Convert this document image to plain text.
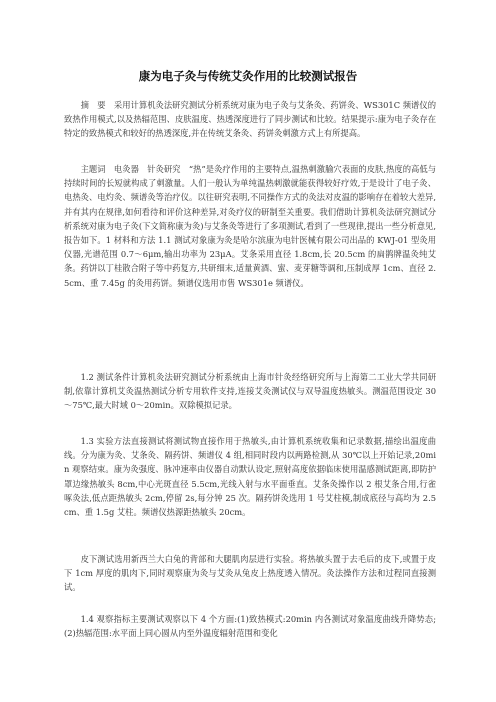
康为电子灸与传统艾灸作用的比较测试报告

摘　要　采用计算机灸法研究测试分析系统对康为电子灸与艾条灸、药饼灸、WS301C 频谱仪的致热作用模式,以及热辐范围、皮肤温度、热透深度进行了同步测试和比较。结果提示:康为电子灸存在特定的致热模式和较好的热透深度,并在传统艾条灸、药饼灸刺激方式上有所提高。

主题词　电灸器　针灸研究　“热”是灸疗作用的主要特点,温热刺激腧穴表面的皮肤,热度的高低与持续时间的长短就构成了刺激量。人们一般认为单纯温热刺激就能获得较好疗效,于是设计了电子灸、电热灸、电灼灸、频谱灸等治疗仪。以往研究表明,不同操作方式的灸法对皮温的影响存在着较大差异,并有其内在规律,如何看待和评价这种差异,对灸疗仪的研制至关重要。我们借助计算机灸法研究测试分析系统对康为电子灸(下文简称康为灸)与艾条灸等进行了多项测试,看到了一些现律,提出一些分析意见,报告如下。1 材料和方法 1.1 测试对象康为灸是哈尔滨康为电针医械有限公司出品的 KWJ-01 型灸用仪器,光谱范围 0.7～6μm,输出功率为 23μA。艾条采用直径 1.8cm,长 20.5cm 的扁鹊牌温灸纯艾条。药饼以丁桂散合附子等中药复方,共研细末,适量黄酒、蜜、麦芽糖等调和,压制成厚 1cm、直径 2.5cm、重 7.45g 的灸用药饼。频谱仪选用市售 WS301e 频谱仪。

1.2 测试条件计算机灸法研究测试分析系统由上海市针灸经络研究所与上海第二工业大学共同研制,依靠计算机艾灸温热测试分析专用软件支持,连接艾灸测试仪与双导温度热敏头。测温范围设定 30～75℃,最大时域 0～20min。双除模拟记录。

1.3 实验方法直接测试将测试物直接作用于热敏头,由计算机系统收集和记录数据,描绘出温度曲线。分为康为灸、艾条灸、隔药饼、频谱仪 4 组,相同时段内以两路检测,从 30℃以上开始记录,20min 观察结束。康为灸强度、脉冲速率由仪器自动默认设定,照射高度依据临床使用温感测试距离,即防护罩边缘热敏头 8cm,中心光斑直径 5.5cm,光线入射与水平面垂直。艾条灸操作以 2 根艾条合用,行雀啄灸法,低点距热敏头 2cm,停留 2s,每分钟 25 次。隔药饼灸选用 1 号艾柱模,制成底径与高均为 2.5cm、重 1.5g 艾柱。频谱仪热源距热敏头 20cm。

皮下测试选用新西兰大白兔的背部和大腿肌肉层进行实验。将热敏头置于去毛后的皮下,或置于皮下 1cm 厚度的肌肉下,同时观察康为灸与艾灸从兔皮上热度透入情况。灸法操作方法和过程同直接测试。

1.4 观察指标主要测试观察以下 4 个方面:(1)致热模式:20min 内各测试对象温度曲线升降势态;(2)热辐范围:水平面上同心圆从内至外温度辐射范围和变化
